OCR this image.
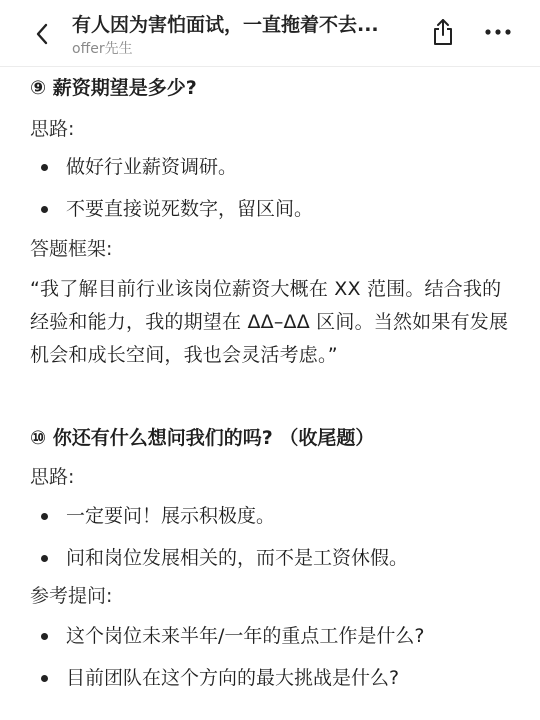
有人因为害怕面试，一直拖着不去...
offer先生

⑨ 薪资期望是多少?

思路:

做好行业薪资调研。
不要直接说死数字，留区间。

答题框架:

“我了解目前行业该岗位薪资大概在 XX 范围。结合我的经验和能力，我的期望在 ΔΔ–ΔΔ 区间。当然如果有发展机会和成长空间，我也会灵活考虑。”

⑩ 你还有什么想问我们的吗? （收尾题）

思路:

一定要问！展示积极度。
问和岗位发展相关的，而不是工资休假。

参考提问:

这个岗位未来半年/一年的重点工作是什么?
目前团队在这个方向的最大挑战是什么?
